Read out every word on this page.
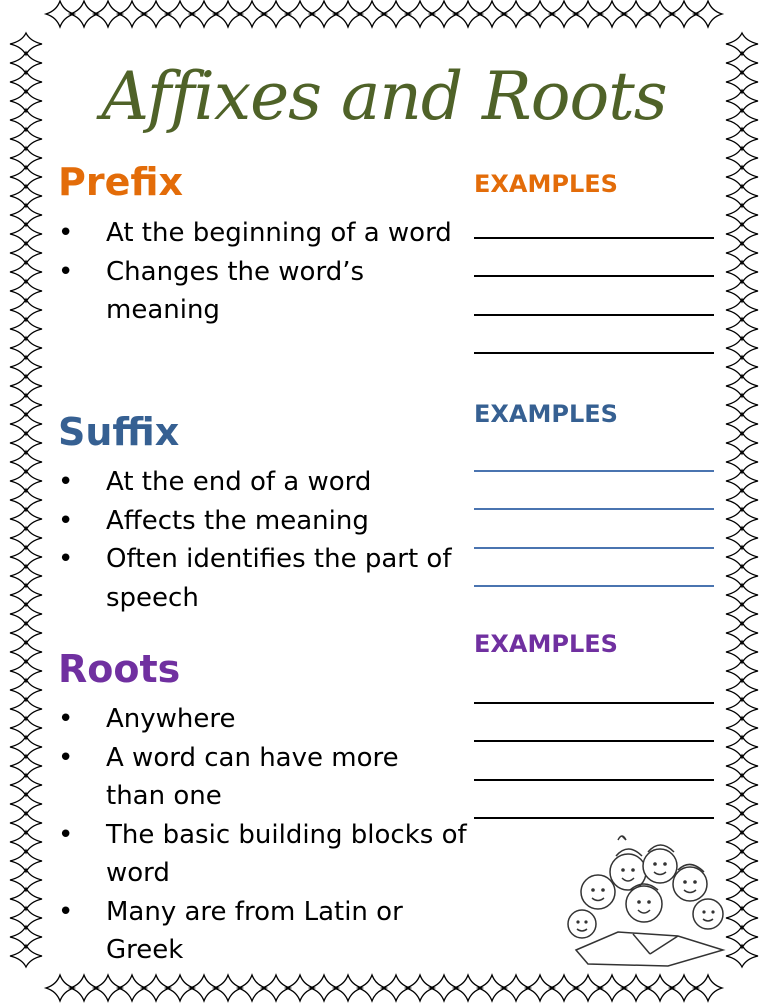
Affixes and Roots
Prefix
• At the beginning of a word
• Changes the word’s meaning
EXAMPLES
Suffix
• At the end of a word
• Affects the meaning
• Often identifies the part of speech
EXAMPLES
Roots
• Anywhere
• A word can have more than one
• The basic building blocks of word
• Many are from Latin or Greek
EXAMPLES
